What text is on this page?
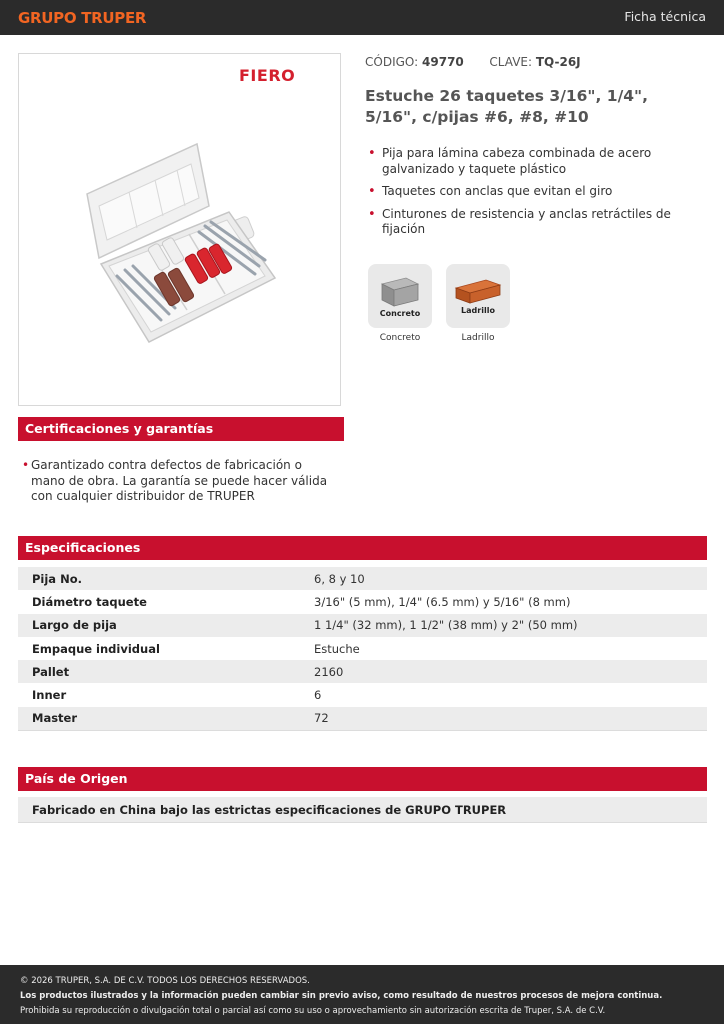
GRUPO TRUPER	Ficha técnica
FIERO
CÓDIGO: 49770 CLAVE: TQ-26J
Estuche 26 taquetes 3/16", 1/4", 5/16", c/pijas #6, #8, #10
• Pija para lámina cabeza combinada de acero galvanizado y taquete plástico
• Taquetes con anclas que evitan el giro
• Cinturones de resistencia y anclas retráctiles de fijación
Concreto
Concreto
Ladrillo
Ladrillo
Certificaciones y garantías
• Garantizado contra defectos de fabricación o mano de obra. La garantía se puede hacer válida con cualquier distribuidor de TRUPER
Especificaciones
Pija No.	6, 8 y 10
Diámetro taquete	3/16" (5 mm), 1/4" (6.5 mm) y 5/16" (8 mm)
Largo de pija	1 1/4" (32 mm), 1 1/2" (38 mm) y 2" (50 mm)
Empaque individual	Estuche
Pallet	2160
Inner	6
Master	72
País de Origen
Fabricado en China bajo las estrictas especificaciones de GRUPO TRUPER

© 2026 TRUPER, S.A. DE C.V. TODOS LOS DERECHOS RESERVADOS.

Los productos ilustrados y la información pueden cambiar sin previo aviso, como resultado de nuestros procesos de mejora continua.

Prohibida su reproducción o divulgación total o parcial así como su uso o aprovechamiento sin autorización escrita de Truper, S.A. de C.V.
